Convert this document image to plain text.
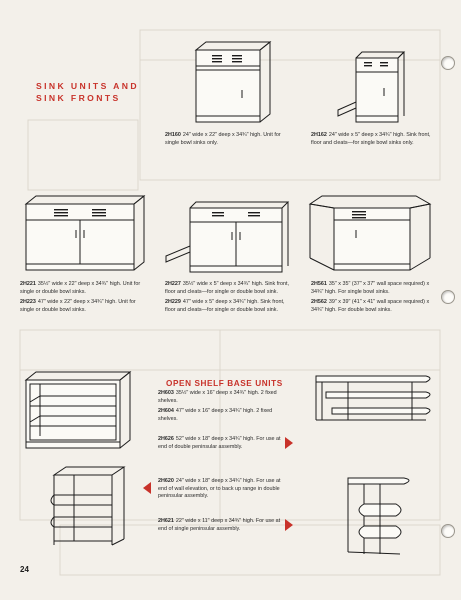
SINK UNITS AND
SINK FRONTS

2H160 24" wide x 22" deep x 34¾" high. Unit for single bowl sinks only.

2H162 24" wide x 5" deep x 34¾" high. Sink front, floor and cleats—for single bowl sinks only.

2H221 35½" wide x 22" deep x 34¾" high. Unit for single or double bowl sinks.

2H223 47" wide x 22" deep x 34¾" high. Unit for single or double bowl sinks.

2H227 35½" wide x 5" deep x 34¾" high. Sink front, floor and cleats—for single or double bowl sink.

2H229 47" wide x 5" deep x 34¾" high. Sink front, floor and cleats—for single or double bowl sink.

2H561 35" x 35" (37" x 37" wall space required) x 34¾" high. For single bowl sinks.

2H562 39" x 39" (41" x 41" wall space required) x 34¾" high. For double bowl sinks.

OPEN SHELF BASE UNITS

2H603 35½" wide x 16" deep x 34¾" high. 2 fixed shelves.

2H604 47" wide x 16" deep x 34¾" high. 2 fixed shelves.

2H626 52" wide x 18" deep x 34¾" high. For use at end of double peninsular assembly.

2H620 24" wide x 18" deep x 34¾" high. For use at end of wall elevation, or to back up range in double peninsular assembly.

2H621 22" wide x 11" deep x 34¾" high. For use at end of single peninsular assembly.

24
